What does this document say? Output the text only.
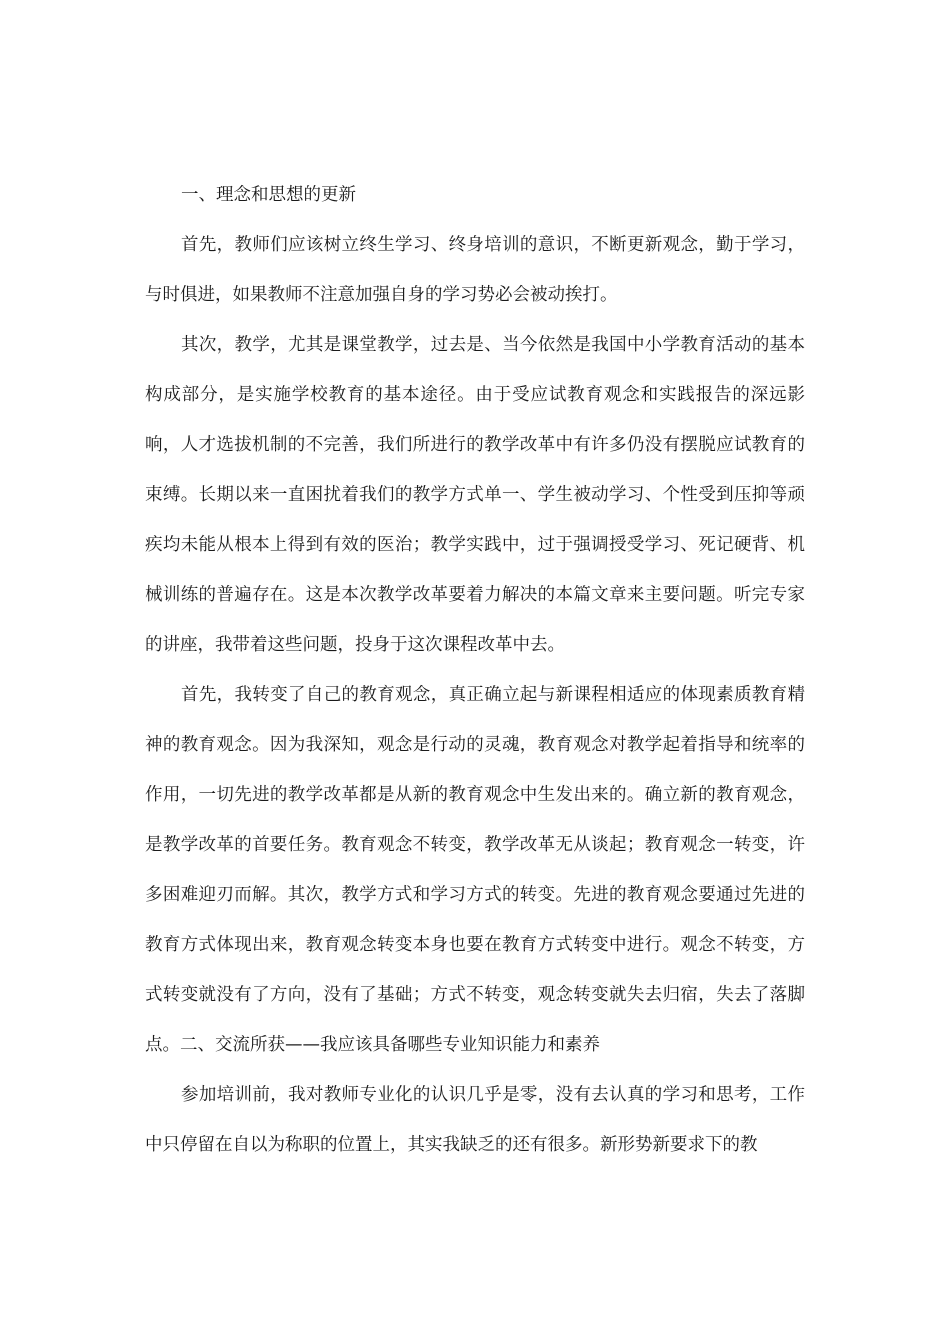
一、理念和思想的更新

首先，教师们应该树立终生学习、终身培训的意识，不断更新观念，勤于学习，与时俱进，如果教师不注意加强自身的学习势必会被动挨打。

其次，教学，尤其是课堂教学，过去是、当今依然是我国中小学教育活动的基本构成部分，是实施学校教育的基本途径。由于受应试教育观念和实践报告的深远影响，人才选拔机制的不完善，我们所进行的教学改革中有许多仍没有摆脱应试教育的束缚。长期以来一直困扰着我们的教学方式单一、学生被动学习、个性受到压抑等顽疾均未能从根本上得到有效的医治；教学实践中，过于强调授受学习、死记硬背、机械训练的普遍存在。这是本次教学改革要着力解决的本篇文章来主要问题。听完专家的讲座，我带着这些问题，投身于这次课程改革中去。

首先，我转变了自己的教育观念，真正确立起与新课程相适应的体现素质教育精神的教育观念。因为我深知，观念是行动的灵魂，教育观念对教学起着指导和统率的作用，一切先进的教学改革都是从新的教育观念中生发出来的。确立新的教育观念，是教学改革的首要任务。教育观念不转变，教学改革无从谈起；教育观念一转变，许多困难迎刃而解。其次，教学方式和学习方式的转变。先进的教育观念要通过先进的教育方式体现出来，教育观念转变本身也要在教育方式转变中进行。观念不转变，方式转变就没有了方向，没有了基础；方式不转变，观念转变就失去归宿，失去了落脚点。二、交流所获——我应该具备哪些专业知识能力和素养

参加培训前，我对教师专业化的认识几乎是零，没有去认真的学习和思考，工作中只停留在自以为称职的位置上，其实我缺乏的还有很多。新形势新要求下的教
